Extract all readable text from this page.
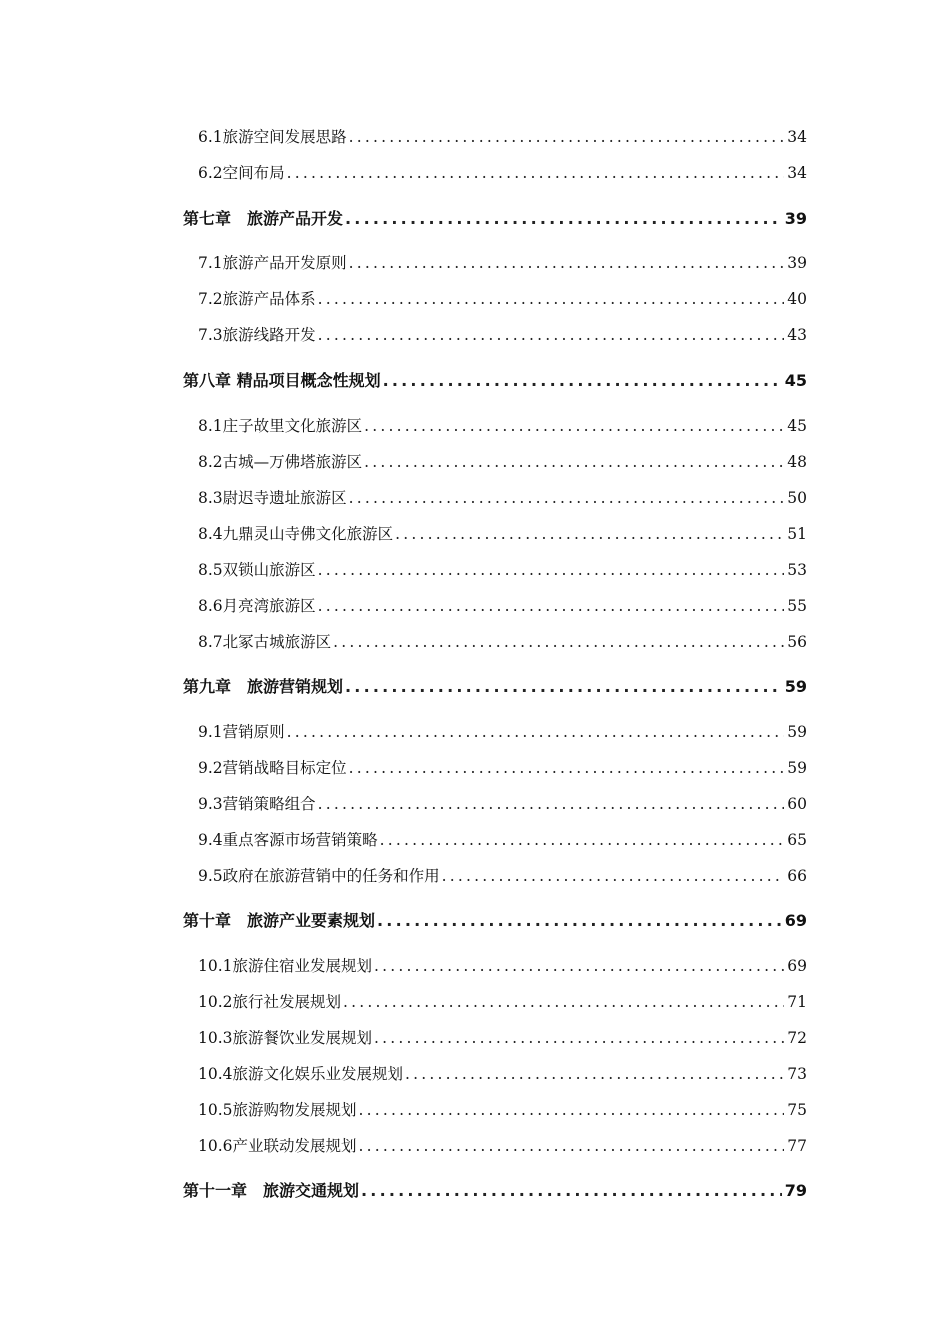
6.1旅游空间发展思路 .....	34
6.2空间布局 .....	34
第七章　旅游产品开发 .....	39
7.1旅游产品开发原则 .....	39
7.2旅游产品体系 .....	40
7.3旅游线路开发 .....	43
第八章 精品项目概念性规划 .....	45
8.1庄子故里文化旅游区 .....	45
8.2古城—万佛塔旅游区 .....	48
8.3尉迟寺遗址旅游区 .....	50
8.4九鼎灵山寺佛文化旅游区 .....	51
8.5双锁山旅游区 .....	53
8.6月亮湾旅游区 .....	55
8.7北冢古城旅游区 .....	56
第九章　旅游营销规划 .....	59
9.1营销原则 .....	59
9.2营销战略目标定位 .....	59
9.3营销策略组合 .....	60
9.4重点客源市场营销策略 .....	65
9.5政府在旅游营销中的任务和作用 .....	66
第十章　旅游产业要素规划 .....	69
10.1旅游住宿业发展规划 .....	69
10.2旅行社发展规划 .....	71
10.3旅游餐饮业发展规划 .....	72
10.4旅游文化娱乐业发展规划 .....	73
10.5旅游购物发展规划 .....	75
10.6产业联动发展规划 .....	77
第十一章　旅游交通规划 .....	79
